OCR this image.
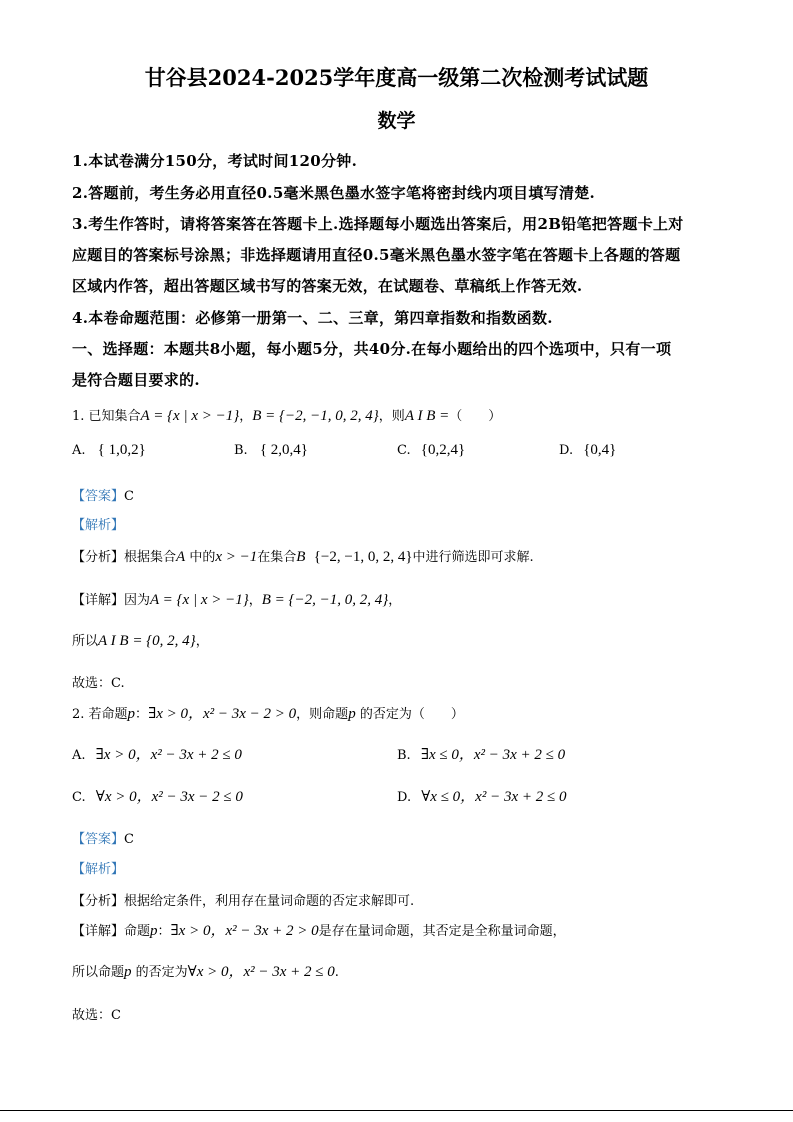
甘谷县2024-2025学年度高一级第二次检测考试试题
数学
1.本试卷满分150分，考试时间120分钟.
2.答题前，考生务必用直径0.5毫米黑色墨水签字笔将密封线内项目填写清楚.
3.考生作答时，请将答案答在答题卡上.选择题每小题选出答案后，用2B铅笔把答题卡上对
应题目的答案标号涂黑；非选择题请用直径0.5毫米黑色墨水签字笔在答题卡上各题的答题
区域内作答，超出答题区域书写的答案无效，在试题卷、草稿纸上作答无效.
4.本卷命题范围：必修第一册第一、二、三章，第四章指数和指数函数.
一、选择题：本题共8小题，每小题5分，共40分.在每小题给出的四个选项中，只有一项
是符合题目要求的.
1. 已知集合A = {x | x > −1}，B = {−2, −1, 0, 2, 4}，则A I B =（　　）
A. { 1,0,2}	B. { 2,0,4}	C. {0,2,4}	D. {0,4}
【答案】C
【解析】
【分析】根据集合A 中的x > −1在集合B {−2, −1, 0, 2, 4}中进行筛选即可求解.
【详解】因为A = {x | x > −1}，B = {−2, −1, 0, 2, 4}，
所以A I B = {0, 2, 4}，
故选：C.
2. 若命题p：∃x > 0，x² − 3x − 2 > 0，则命题p 的否定为（　　）
A. ∃x > 0，x² − 3x + 2 ≤ 0	B. ∃x ≤ 0，x² − 3x + 2 ≤ 0
C. ∀x > 0，x² − 3x − 2 ≤ 0	D. ∀x ≤ 0，x² − 3x + 2 ≤ 0
【答案】C
【解析】
【分析】根据给定条件，利用存在量词命题的否定求解即可.
【详解】命题p：∃x > 0，x² − 3x + 2 > 0是存在量词命题，其否定是全称量词命题，
所以命题p 的否定为∀x > 0，x² − 3x + 2 ≤ 0.
故选：C
